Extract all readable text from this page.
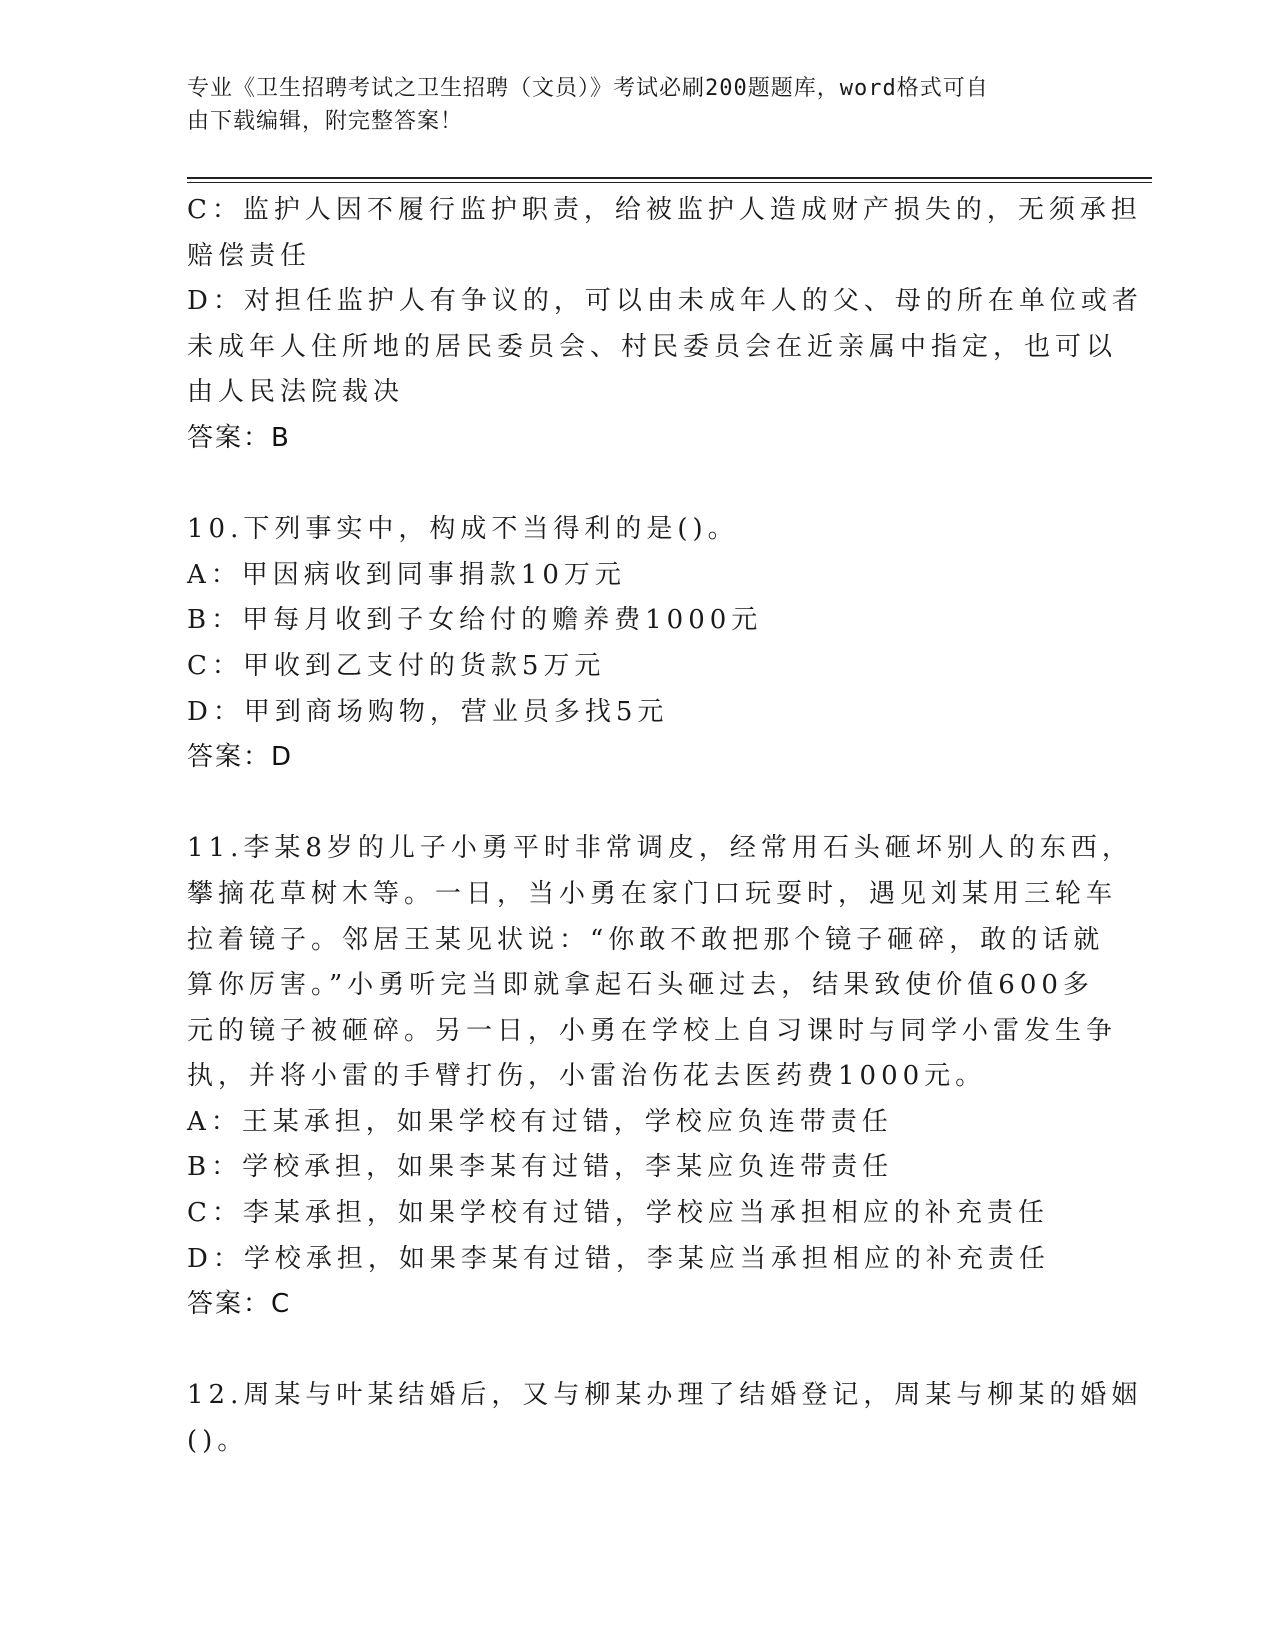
专业《卫生招聘考试之卫生招聘（文员）》考试必刷200题题库，word格式可自
由下载编辑，附完整答案！
C：监护人因不履行监护职责，给被监护人造成财产损失的，无须承担
赔偿责任
D：对担任监护人有争议的，可以由未成年人的父、母的所在单位或者
未成年人住所地的居民委员会、村民委员会在近亲属中指定，也可以
由人民法院裁决
答案：B
10.下列事实中，构成不当得利的是()。
A：甲因病收到同事捐款10万元
B：甲每月收到子女给付的赡养费1000元
C：甲收到乙支付的货款5万元
D：甲到商场购物，营业员多找5元
答案：D
11.李某8岁的儿子小勇平时非常调皮，经常用石头砸坏别人的东西，
攀摘花草树木等。一日，当小勇在家门口玩耍时，遇见刘某用三轮车
拉着镜子。邻居王某见状说：“你敢不敢把那个镜子砸碎，敢的话就
算你厉害。”小勇听完当即就拿起石头砸过去，结果致使价值600多
元的镜子被砸碎。另一日，小勇在学校上自习课时与同学小雷发生争
执，并将小雷的手臂打伤，小雷治伤花去医药费1000元。
A：王某承担，如果学校有过错，学校应负连带责任
B：学校承担，如果李某有过错，李某应负连带责任
C：李某承担，如果学校有过错，学校应当承担相应的补充责任
D：学校承担，如果李某有过错，李某应当承担相应的补充责任
答案：C
12.周某与叶某结婚后，又与柳某办理了结婚登记，周某与柳某的婚姻
()。
